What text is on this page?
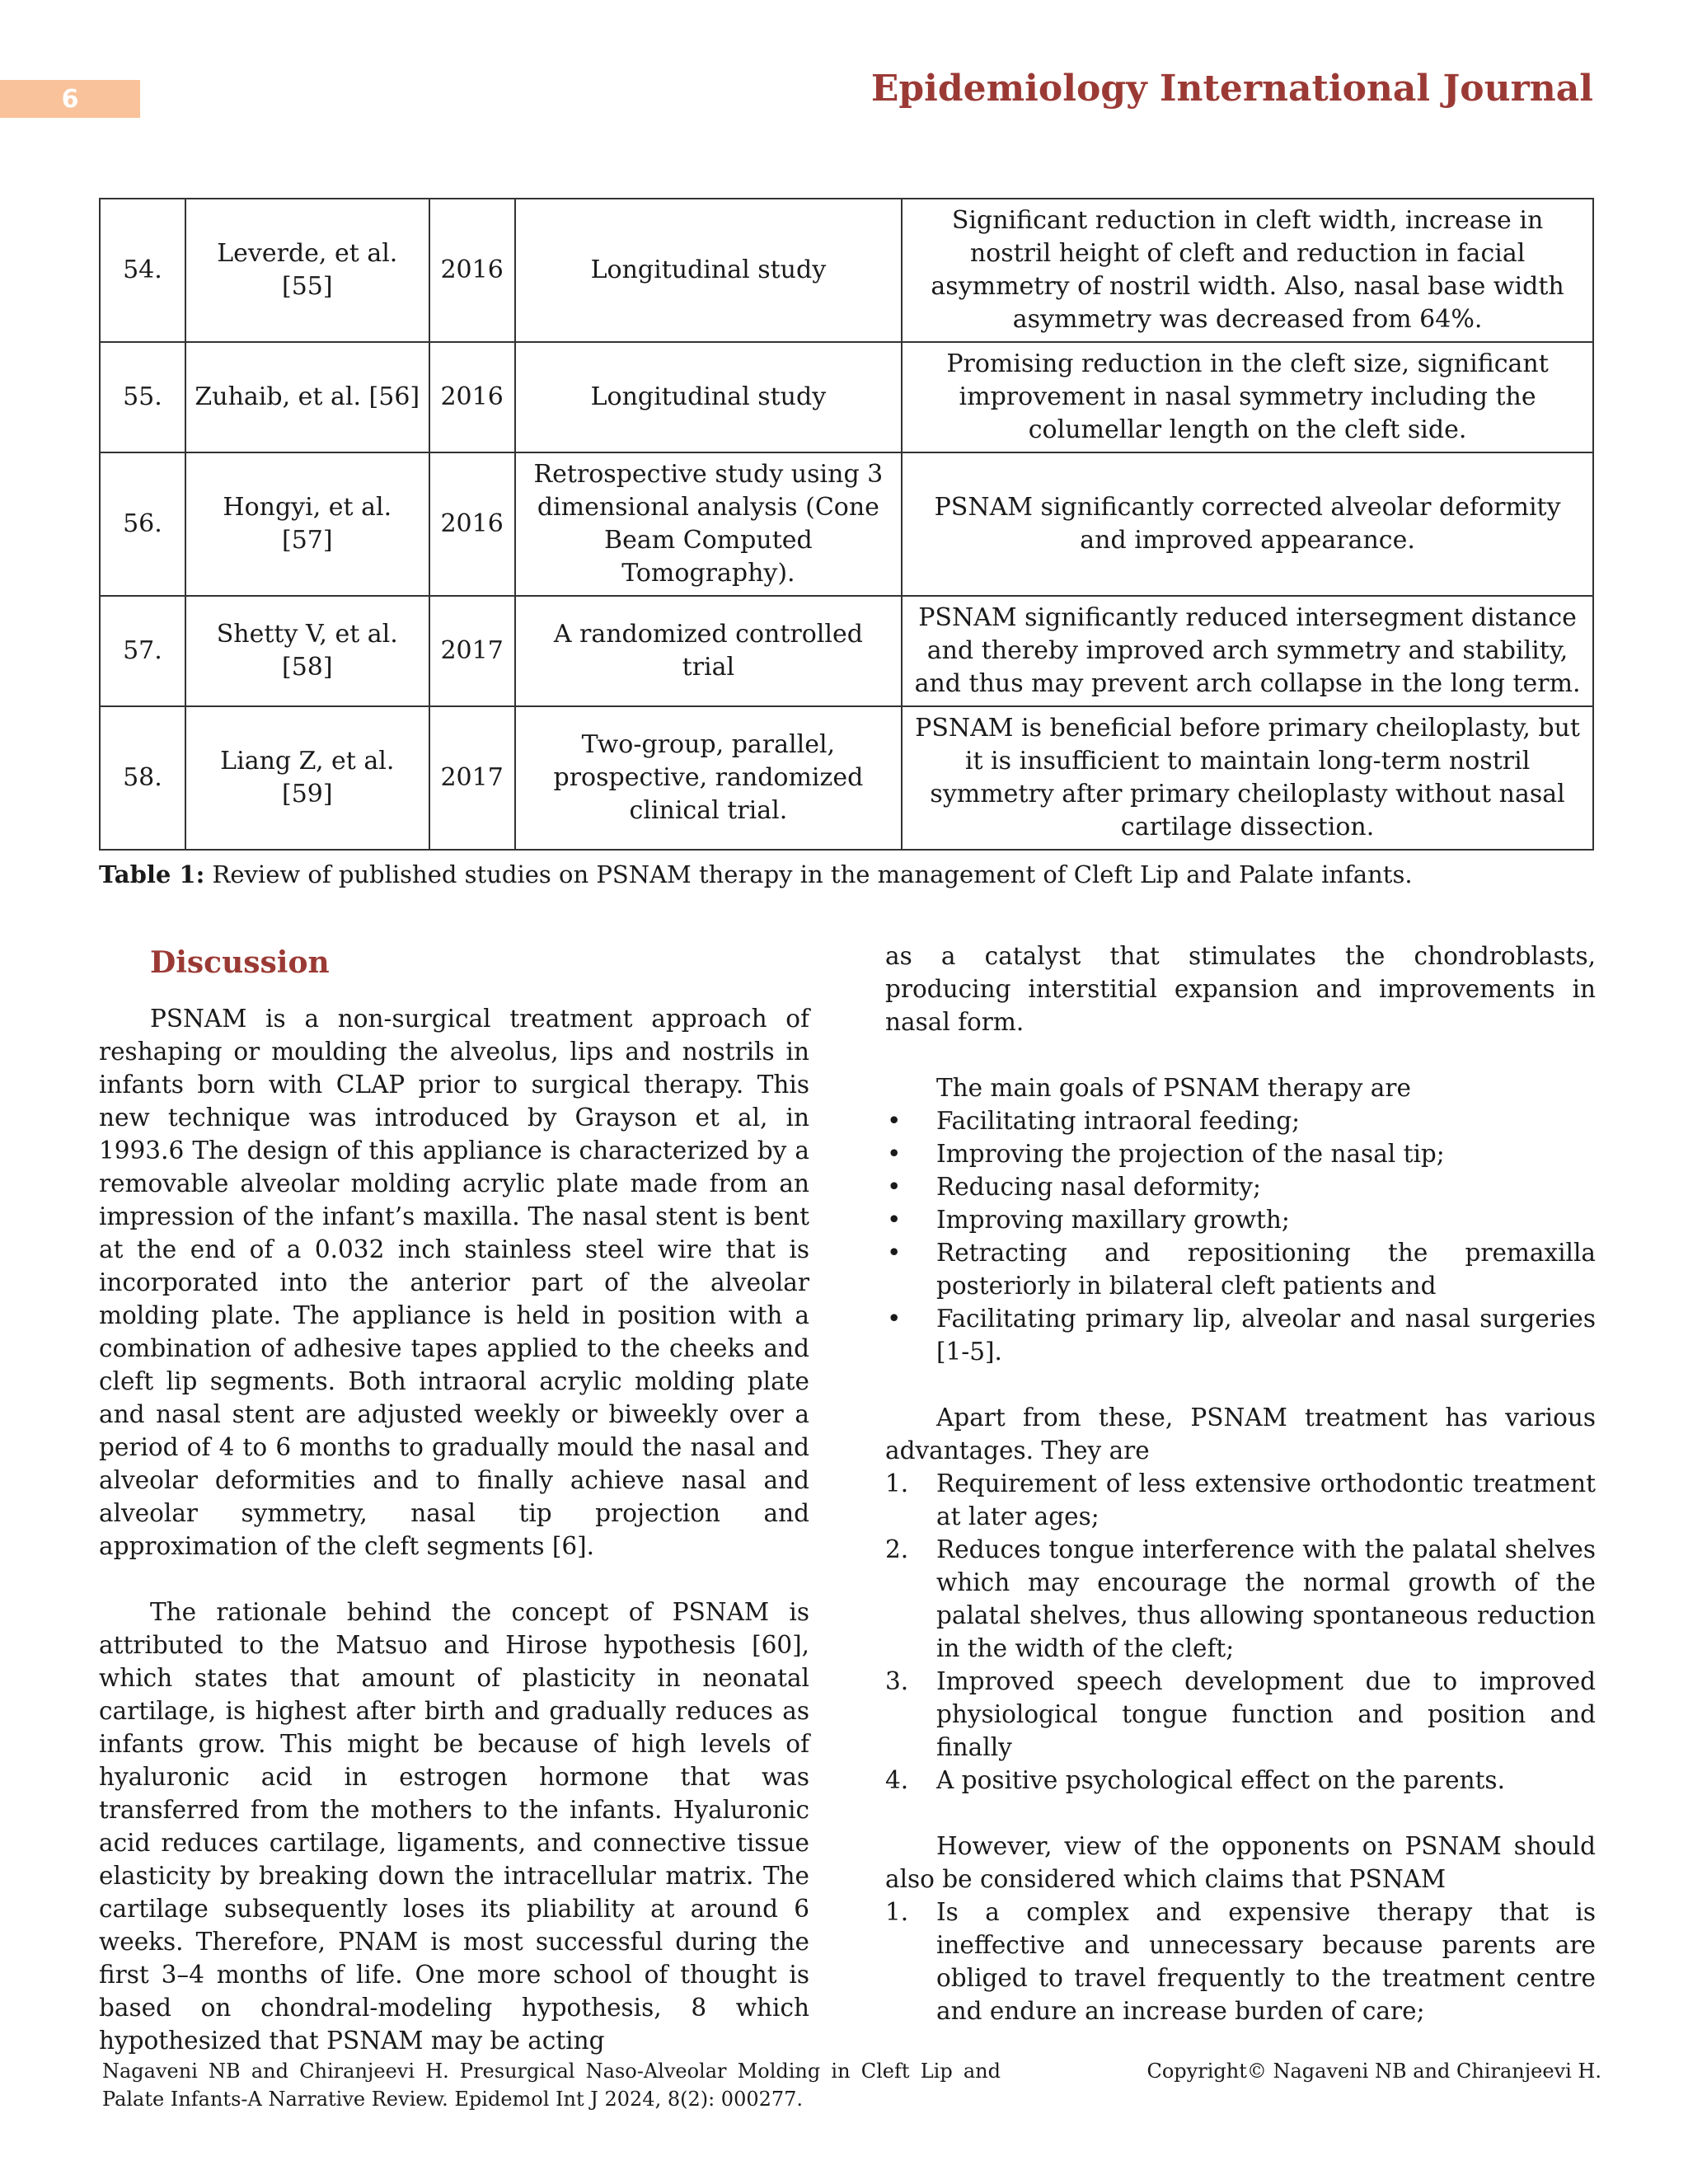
6	Epidemiology International Journal
54.	Leverde, et al. [55]	2016	Longitudinal study	Significant reduction in cleft width, increase in nostril height of cleft and reduction in facial asymmetry of nostril width. Also, nasal base width asymmetry was decreased from 64%.
55.	Zuhaib, et al. [56]	2016	Longitudinal study	Promising reduction in the cleft size, significant improvement in nasal symmetry including the columellar length on the cleft side.
56.	Hongyi, et al. [57]	2016	Retrospective study using 3 dimensional analysis (Cone Beam Computed Tomography).	PSNAM significantly corrected alveolar deformity and improved appearance.
57.	Shetty V, et al. [58]	2017	A randomized controlled trial	PSNAM significantly reduced intersegment distance and thereby improved arch symmetry and stability, and thus may prevent arch collapse in the long term.
58.	Liang Z, et al. [59]	2017	Two-group, parallel, prospective, randomized clinical trial.	PSNAM is beneficial before primary cheiloplasty, but it is insufficient to maintain long-term nostril symmetry after primary cheiloplasty without nasal cartilage dissection.
Table 1: Review of published studies on PSNAM therapy in the management of Cleft Lip and Palate infants.
Discussion

PSNAM is a non-surgical treatment approach of reshaping or moulding the alveolus, lips and nostrils in infants born with CLAP prior to surgical therapy. This new technique was introduced by Grayson et al, in 1993.6 The design of this appliance is characterized by a removable alveolar molding acrylic plate made from an impression of the infant’s maxilla. The nasal stent is bent at the end of a 0.032 inch stainless steel wire that is incorporated into the anterior part of the alveolar molding plate. The appliance is held in position with a combination of adhesive tapes applied to the cheeks and cleft lip segments. Both intraoral acrylic molding plate and nasal stent are adjusted weekly or biweekly over a period of 4 to 6 months to gradually mould the nasal and alveolar deformities and to finally achieve nasal and alveolar symmetry, nasal tip projection and approximation of the cleft segments [6].

The rationale behind the concept of PSNAM is attributed to the Matsuo and Hirose hypothesis [60], which states that amount of plasticity in neonatal cartilage, is highest after birth and gradually reduces as infants grow. This might be because of high levels of hyaluronic acid in estrogen hormone that was transferred from the mothers to the infants. Hyaluronic acid reduces cartilage, ligaments, and connective tissue elasticity by breaking down the intracellular matrix. The cartilage subsequently loses its pliability at around 6 weeks. Therefore, PNAM is most successful during the first 3–4 months of life. One more school of thought is based on chondral-modeling hypothesis, 8 which hypothesized that PSNAM may be acting

as a catalyst that stimulates the chondroblasts, producing interstitial expansion and improvements in nasal form.

The main goals of PSNAM therapy are

• Facilitating intraoral feeding;
• Improving the projection of the nasal tip;
• Reducing nasal deformity;
• Improving maxillary growth;
• Retracting and repositioning the premaxilla posteriorly in bilateral cleft patients and
• Facilitating primary lip, alveolar and nasal surgeries [1-5].

Apart from these, PSNAM treatment has various advantages. They are

1. Requirement of less extensive orthodontic treatment at later ages;
2. Reduces tongue interference with the palatal shelves which may encourage the normal growth of the palatal shelves, thus allowing spontaneous reduction in the width of the cleft;
3. Improved speech development due to improved physiological tongue function and position and finally
4. A positive psychological effect on the parents.

However, view of the opponents on PSNAM should also be considered which claims that PSNAM

1. Is a complex and expensive therapy that is ineffective and unnecessary because parents are obliged to travel frequently to the treatment centre and endure an increase burden of care;
Nagaveni NB and Chiranjeevi H. Presurgical Naso-Alveolar Molding in Cleft Lip and Palate Infants-A Narrative Review. Epidemol Int J 2024, 8(2): 000277.
Copyright© Nagaveni NB and Chiranjeevi H.
